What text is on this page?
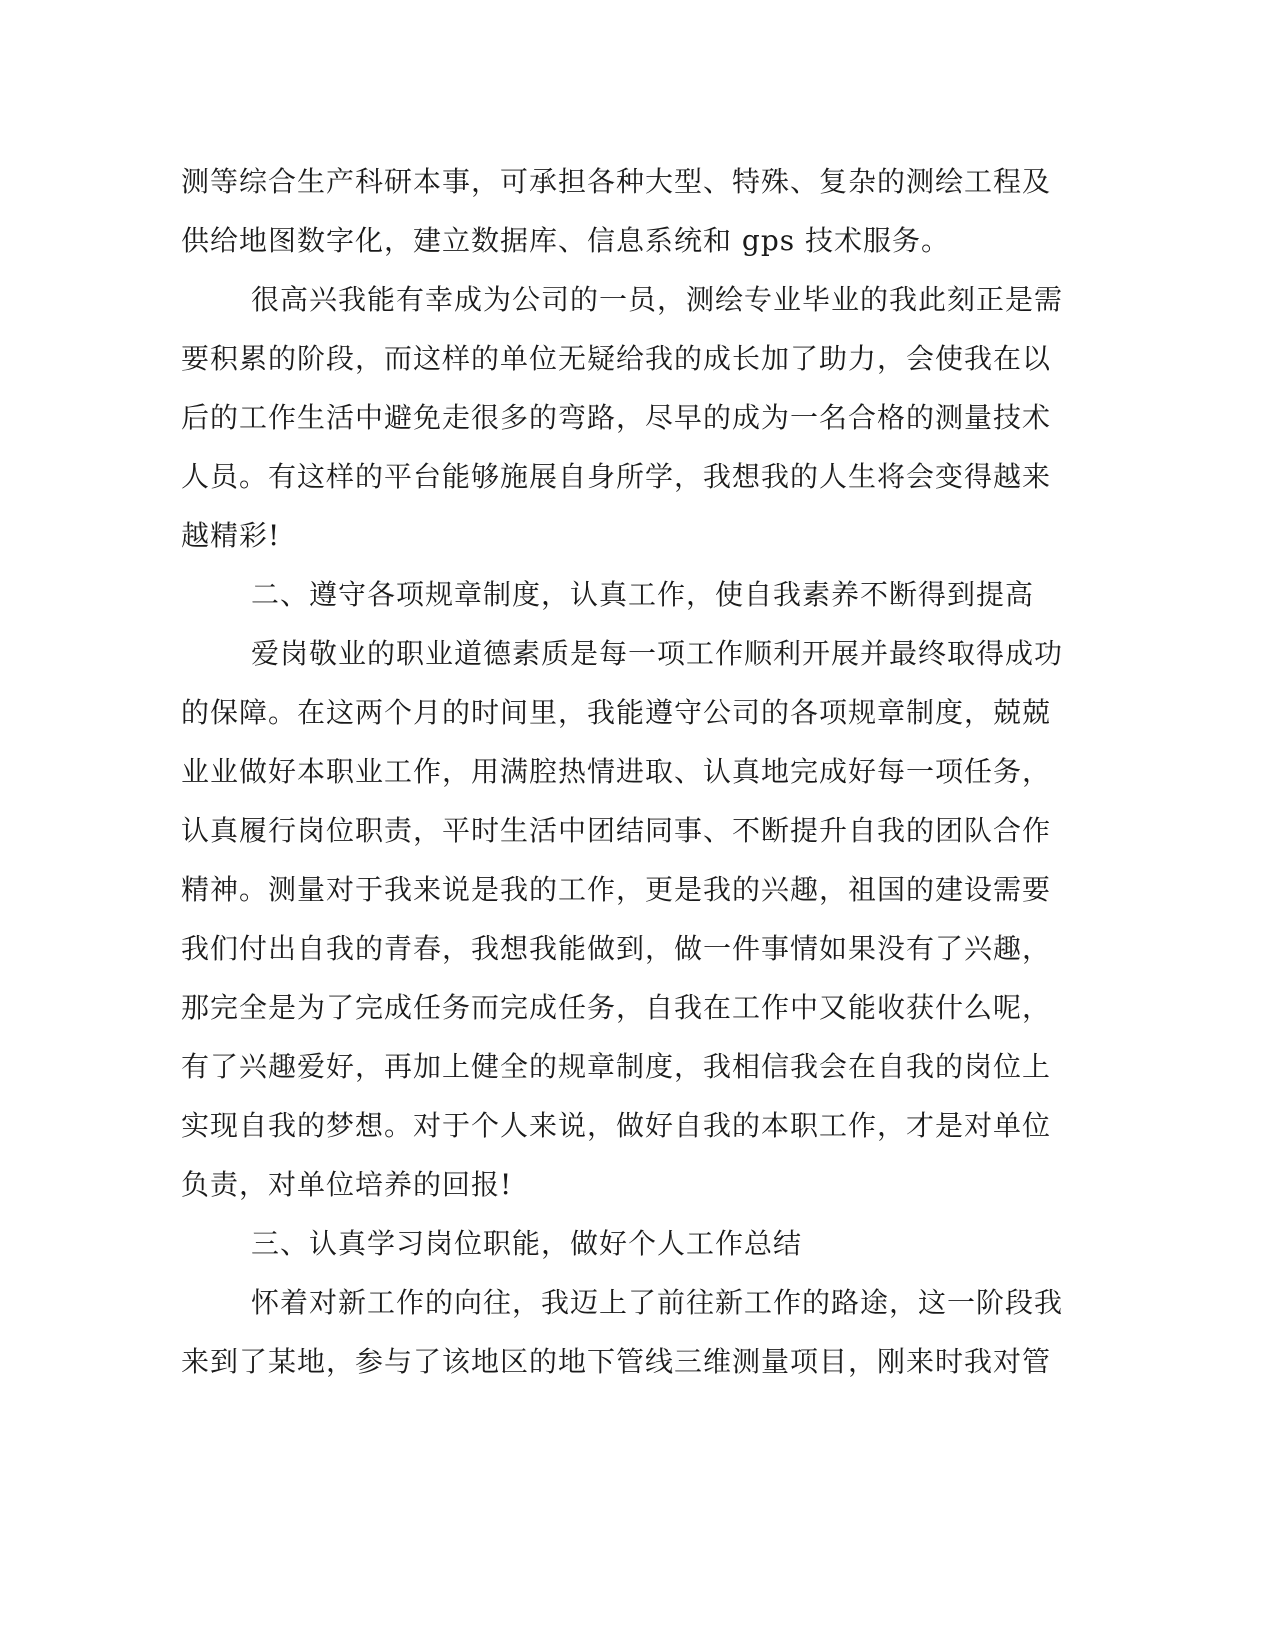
测等综合生产科研本事，可承担各种大型、特殊、复杂的测绘工程及
供给地图数字化，建立数据库、信息系统和 gps 技术服务。
很高兴我能有幸成为公司的一员，测绘专业毕业的我此刻正是需
要积累的阶段，而这样的单位无疑给我的成长加了助力，会使我在以
后的工作生活中避免走很多的弯路，尽早的成为一名合格的测量技术
人员。有这样的平台能够施展自身所学，我想我的人生将会变得越来
越精彩!
二、遵守各项规章制度，认真工作，使自我素养不断得到提高
爱岗敬业的职业道德素质是每一项工作顺利开展并最终取得成功
的保障。在这两个月的时间里，我能遵守公司的各项规章制度，兢兢
业业做好本职业工作，用满腔热情进取、认真地完成好每一项任务，
认真履行岗位职责，平时生活中团结同事、不断提升自我的团队合作
精神。测量对于我来说是我的工作，更是我的兴趣，祖国的建设需要
我们付出自我的青春，我想我能做到，做一件事情如果没有了兴趣，
那完全是为了完成任务而完成任务，自我在工作中又能收获什么呢，
有了兴趣爱好，再加上健全的规章制度，我相信我会在自我的岗位上
实现自我的梦想。对于个人来说，做好自我的本职工作，才是对单位
负责，对单位培养的回报!
三、认真学习岗位职能，做好个人工作总结
怀着对新工作的向往，我迈上了前往新工作的路途，这一阶段我
来到了某地，参与了该地区的地下管线三维测量项目，刚来时我对管
